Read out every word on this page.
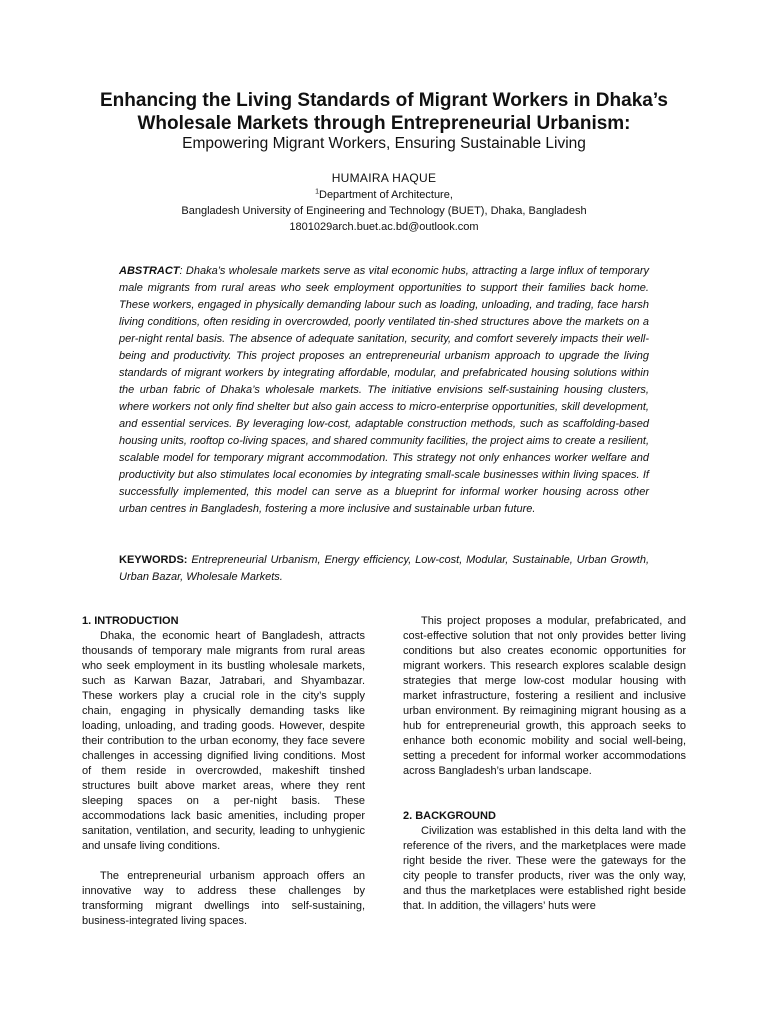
Enhancing the Living Standards of Migrant Workers in Dhaka’s
Wholesale Markets through Entrepreneurial Urbanism:

Empowering Migrant Workers, Ensuring Sustainable Living

HUMAIRA HAQUE

$^1$Department of Architecture,

Bangladesh University of Engineering and Technology (BUET), Dhaka, Bangladesh

1801029arch.buet.ac.bd@outlook.com

ABSTRACT: Dhaka’s wholesale markets serve as vital economic hubs, attracting a large influx of temporary male migrants from rural areas who seek employment opportunities to support their families back home. These workers, engaged in physically demanding labour such as loading, unloading, and trading, face harsh living conditions, often residing in overcrowded, poorly ventilated tin-shed structures above the markets on a per-night rental basis. The absence of adequate sanitation, security, and comfort severely impacts their well-being and productivity. This project proposes an entrepreneurial urbanism approach to upgrade the living standards of migrant workers by integrating affordable, modular, and prefabricated housing solutions within the urban fabric of Dhaka’s wholesale markets. The initiative envisions self-sustaining housing clusters, where workers not only find shelter but also gain access to micro-enterprise opportunities, skill development, and essential services. By leveraging low-cost, adaptable construction methods, such as scaffolding-based housing units, rooftop co-living spaces, and shared community facilities, the project aims to create a resilient, scalable model for temporary migrant accommodation. This strategy not only enhances worker welfare and productivity but also stimulates local economies by integrating small-scale businesses within living spaces. If successfully implemented, this model can serve as a blueprint for informal worker housing across other urban centres in Bangladesh, fostering a more inclusive and sustainable urban future.

KEYWORDS: Entrepreneurial Urbanism, Energy efficiency, Low-cost, Modular, Sustainable, Urban Growth, Urban Bazar, Wholesale Markets.

1. INTRODUCTION

Dhaka, the economic heart of Bangladesh, attracts thousands of temporary male migrants from rural areas who seek employment in its bustling wholesale markets, such as Karwan Bazar, Jatrabari, and Shyambazar. These workers play a crucial role in the city’s supply chain, engaging in physically demanding tasks like loading, unloading, and trading goods. However, despite their contribution to the urban economy, they face severe challenges in accessing dignified living conditions. Most of them reside in overcrowded, makeshift tinshed structures built above market areas, where they rent sleeping spaces on a per-night basis. These accommodations lack basic amenities, including proper sanitation, ventilation, and security, leading to unhygienic and unsafe living conditions.

The entrepreneurial urbanism approach offers an innovative way to address these challenges by transforming migrant dwellings into self-sustaining, business-integrated living spaces.

This project proposes a modular, prefabricated, and cost-effective solution that not only provides better living conditions but also creates economic opportunities for migrant workers. This research explores scalable design strategies that merge low-cost modular housing with market infrastructure, fostering a resilient and inclusive urban environment. By reimagining migrant housing as a hub for entrepreneurial growth, this approach seeks to enhance both economic mobility and social well-being, setting a precedent for informal worker accommodations across Bangladesh’s urban landscape.

2. BACKGROUND

Civilization was established in this delta land with the reference of the rivers, and the marketplaces were made right beside the river. These were the gateways for the city people to transfer products, river was the only way, and thus the marketplaces were established right beside that. In addition, the villagers’ huts were
